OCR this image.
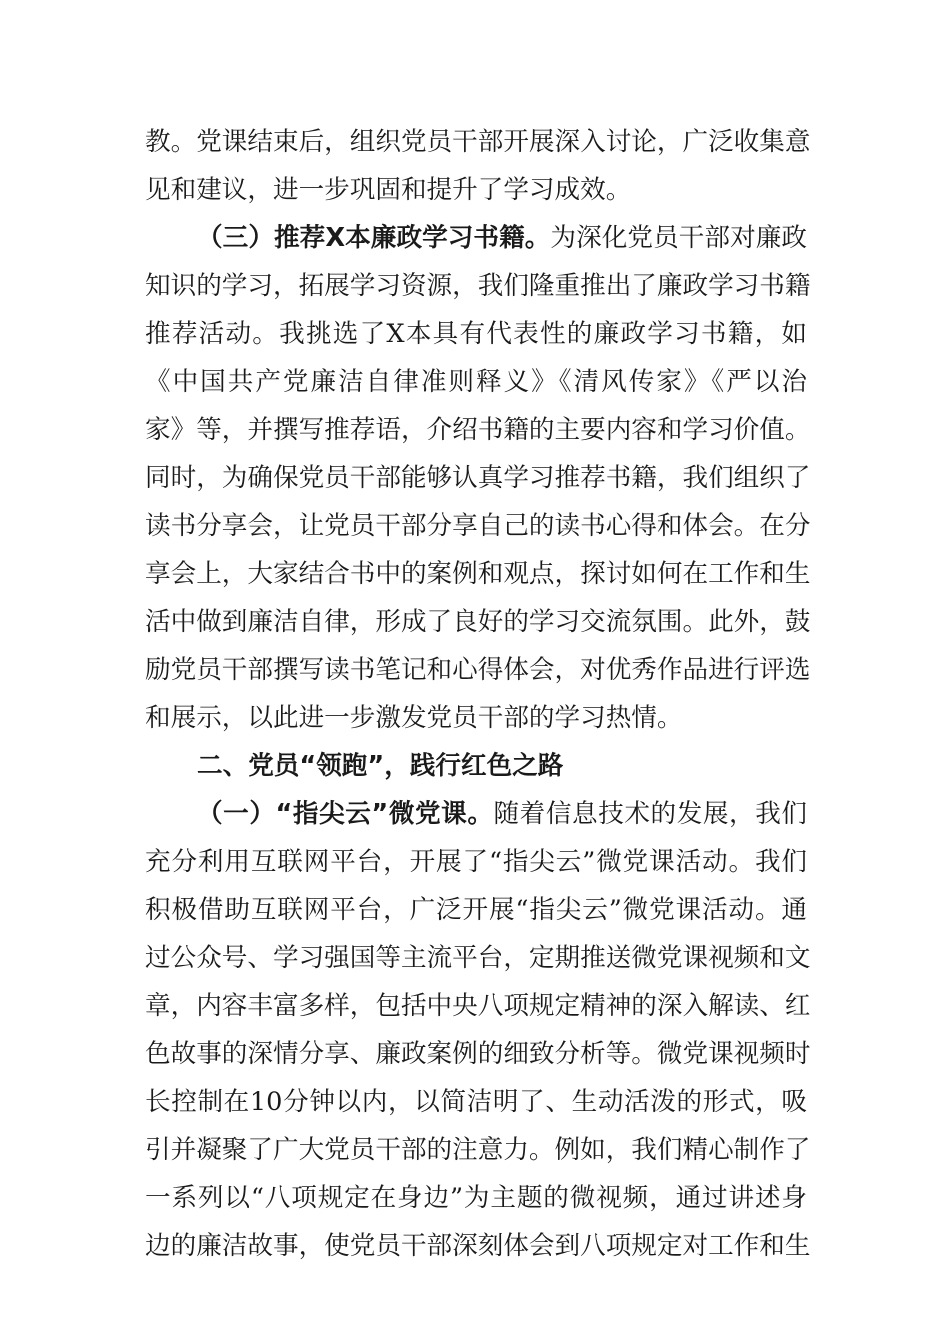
教。党课结束后，组织党员干部开展深入讨论，广泛收集意
见和建议，进一步巩固和提升了学习成效。
（三）推荐X本廉政学习书籍。为深化党员干部对廉政
知识的学习，拓展学习资源，我们隆重推出了廉政学习书籍
推荐活动。我挑选了X本具有代表性的廉政学习书籍，如
《中国共产党廉洁自律准则释义》《清风传家》《严以治
家》等，并撰写推荐语，介绍书籍的主要内容和学习价值。
同时，为确保党员干部能够认真学习推荐书籍，我们组织了
读书分享会，让党员干部分享自己的读书心得和体会。在分
享会上，大家结合书中的案例和观点，探讨如何在工作和生
活中做到廉洁自律，形成了良好的学习交流氛围。此外，鼓
励党员干部撰写读书笔记和心得体会，对优秀作品进行评选
和展示，以此进一步激发党员干部的学习热情。
二、党员“领跑”，践行红色之路
（一）“指尖云”微党课。随着信息技术的发展，我们
充分利用互联网平台，开展了“指尖云”微党课活动。我们
积极借助互联网平台，广泛开展“指尖云”微党课活动。通
过公众号、学习强国等主流平台，定期推送微党课视频和文
章，内容丰富多样，包括中央八项规定精神的深入解读、红
色故事的深情分享、廉政案例的细致分析等。微党课视频时
长控制在10分钟以内，以简洁明了、生动活泼的形式，吸
引并凝聚了广大党员干部的注意力。例如，我们精心制作了
一系列以“八项规定在身边”为主题的微视频，通过讲述身
边的廉洁故事，使党员干部深刻体会到八项规定对工作和生
